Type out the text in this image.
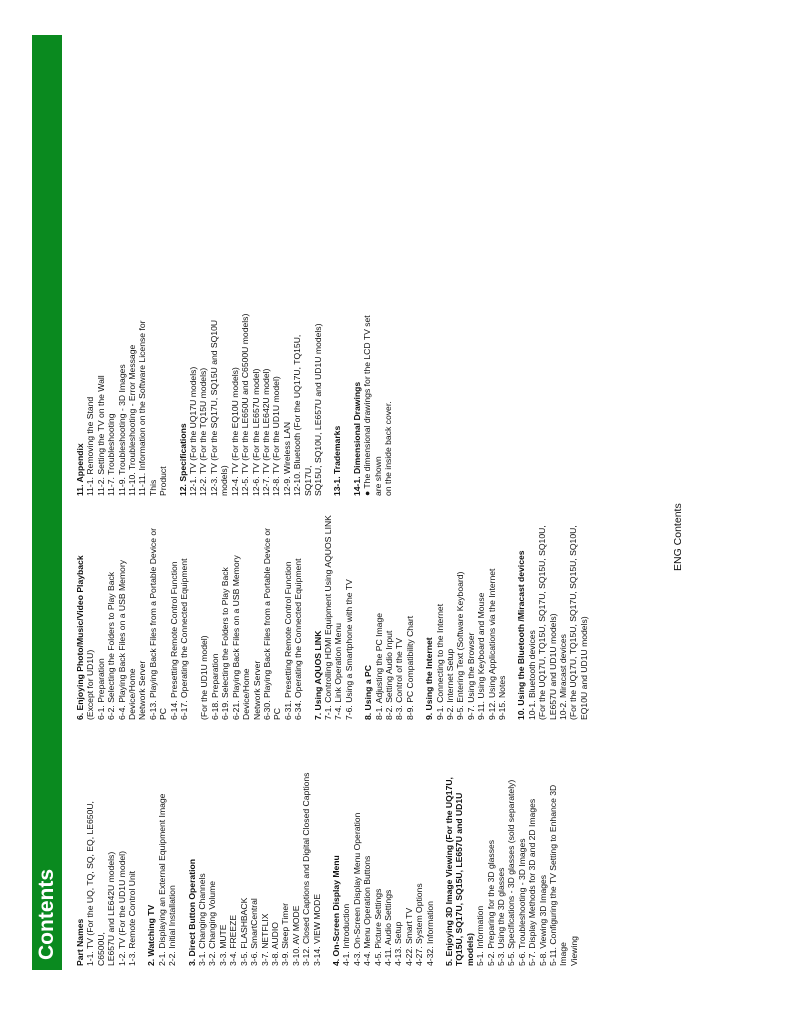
Contents Part Names 1-1. TV (For the UQ, TQ, SQ, EQ, LE650U, C6500U, LE657U and LE642U models) 1-2. TV (For the UD1U model) 1-3. Remote Control Unit 2. Watching TV 2-1. Displaying an External Equipment Image 2-2. Initial Installation 3. Direct Button Operation 3-1. Changing Channels 3-2. Changing Volume 3-3. MUTE 3-4. FREEZE 3-5. FLASHBACK 3-6. SmartCentral 3-7. NETFLIX 3-8. AUDIO 3-9. Sleep Timer 3-10. AV MODE 3-12. Closed Captions and Digital Closed Captions 3-14. VIEW MODE 4. On-Screen Display Menu 4-1. Introduction 4-3. On-Screen Display Menu Operation 4-4. Menu Operation Buttons 4-5. Picture Settings 4-11. Audio Settings 4-13. Setup 4-22. Smart TV 4-27. System Options 4-32. Information 5. Enjoying 3D Image Viewing (For the UQ17U, TQ15U, SQ17U, SQ15U, LE657U and UD1U models) 5-1. Information 5-2. Preparing for the 3D glasses 5-3. Using the 3D glasses 5-5. Specifications - 3D glasses (sold separately) 5-6. Troubleshooting - 3D Images 5-7. Display Methods for 3D and 2D Images 5-8. Viewing 3D Images 5-11. Configuring the TV Setting to Enhance 3D Image Viewing
6. Enjoying Photo/Music/Video Playback (Except for UD1U) 6-1. Preparation 6-2. Selecting the Folders to Play Back 6-4. Playing Back Files on a USB Memory Device/Home Network Server 6-13. Playing Back Files from a Portable Device or PC 6-14. Presetting Remote Control Function 6-17. Operating the Connected Equipment (For the UD1U model) 6-18. Preparation 6-19. Selecting the Folders to Play Back 6-21. Playing Back Files on a USB Memory Device/Home Network Server 6-30. Playing Back Files from a Portable Device or PC 6-31. Presetting Remote Control Function 6-34. Operating the Connected Equipment 7. Using AQUOS LINK 7-1. Controlling HDMI Equipment Using AQUOS LINK 7-4. Link Operation Menu 7-6. Using a Smartphone with the TV 8. Using a PC 8-1. Adjusting the PC Image 8-2. Setting Audio Input 8-3. Control of the TV 8-9. PC Compatibility Chart 9. Using the Internet 9-1. Connecting to the Internet 9-2. Internet Setup 9-5. Entering Text (Software Keyboard) 9-7. Using the Browser 9-11. Using Keyboard and Mouse 9-12. Using Applications via the Internet 9-15. Notes 10. Using the Bluetooth /Miracast devices 10-1. Bluetooth devices (For the UQ17U, TQ15U, SQ17U, SQ15U, SQ10U, LE657U and UD1U models) 10-2. Miracast devices (For the UQ17U, TQ15U, SQ17U, SQ15U, SQ10U, EQ10U and UD1U models)
11. Appendix 11-1. Removing the Stand 11-2. Setting the TV on the Wall 11-7. Troubleshooting 11-9. Troubleshooting - 3D Images 11-10. Troubleshooting - Error Message 11-11. Information on the Software License for This Product 12. Specifications 12-1. TV (For the UQ17U models) 12-2. TV (For the TQ15U models) 12-3. TV (For the SQ17U, SQ15U and SQ10U models) 12-4. TV (For the EQ10U models) 12-5. TV (For the LE650U and C6500U models) 12-6. TV (For the LE657U model) 12-7. TV (For the LE642U model) 12-8. TV (For the UD1U model) 12-9. Wireless LAN 12-10. Bluetooth (For the UQ17U, TQ15U, SQ17U, SQ15U, SQ10U, LE657U and UD1U models) 13-1. Trademarks 14-1. Dimensional Drawings ● The dimensional drawings for the LCD TV set are shown on the inside back cover.
ENG Contents
